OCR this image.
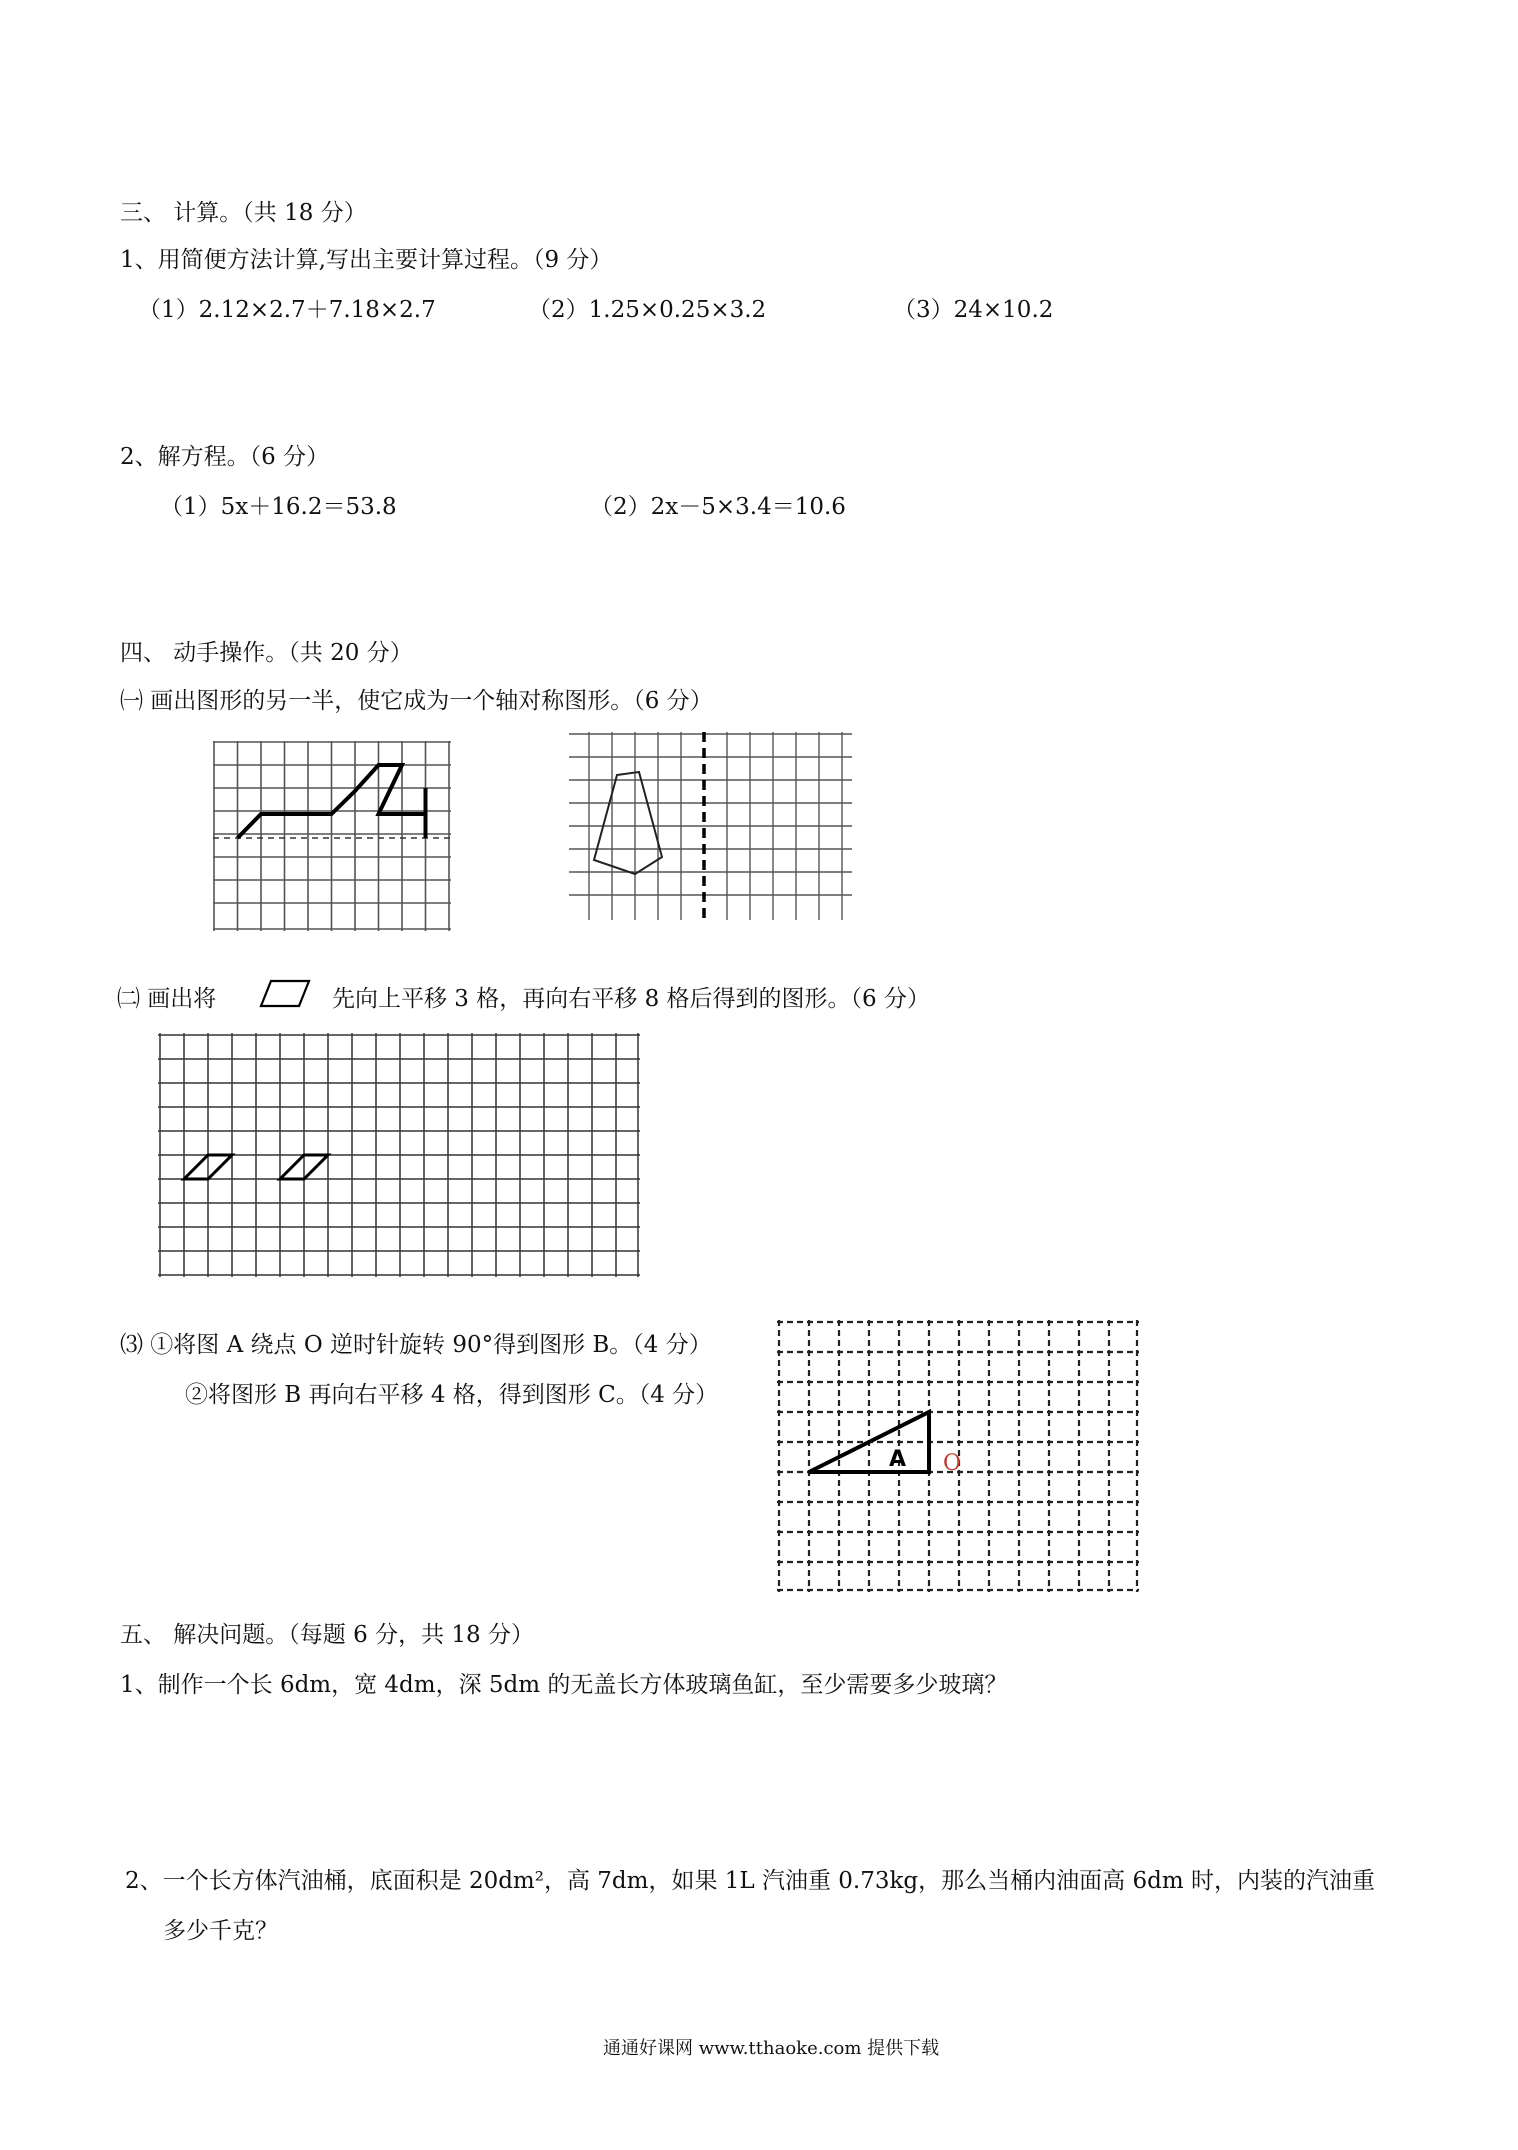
三、 计算。（共 18 分）
1、用简便方法计算,写出主要计算过程。（9 分）
（1）2.12×2.7＋7.18×2.7	（2）1.25×0.25×3.2	（3）24×10.2
2、解方程。（6 分）
（1）5x＋16.2＝53.8	（2）2x－5×3.4＝10.6
四、 动手操作。（共 20 分）
㈠ 画出图形的另一半，使它成为一个轴对称图形。（6 分）
㈡ 画出将	先向上平移 3 格，再向右平移 8 格后得到的图形。（6 分）
⑶ ①将图 A 绕点 O 逆时针旋转 90°得到图形 B。（4 分）
②将图形 B 再向右平移 4 格，得到图形 C。（4 分）
A O
五、 解决问题。（每题 6 分，共 18 分）
1、制作一个长 6dm，宽 4dm，深 5dm 的无盖长方体玻璃鱼缸，至少需要多少玻璃？
2、一个长方体汽油桶，底面积是 20dm²，高 7dm，如果 1L 汽油重 0.73kg，那么当桶内油面高 6dm 时，内装的汽油重
多少千克？
通通好课网 www.tthaoke.com 提供下载
